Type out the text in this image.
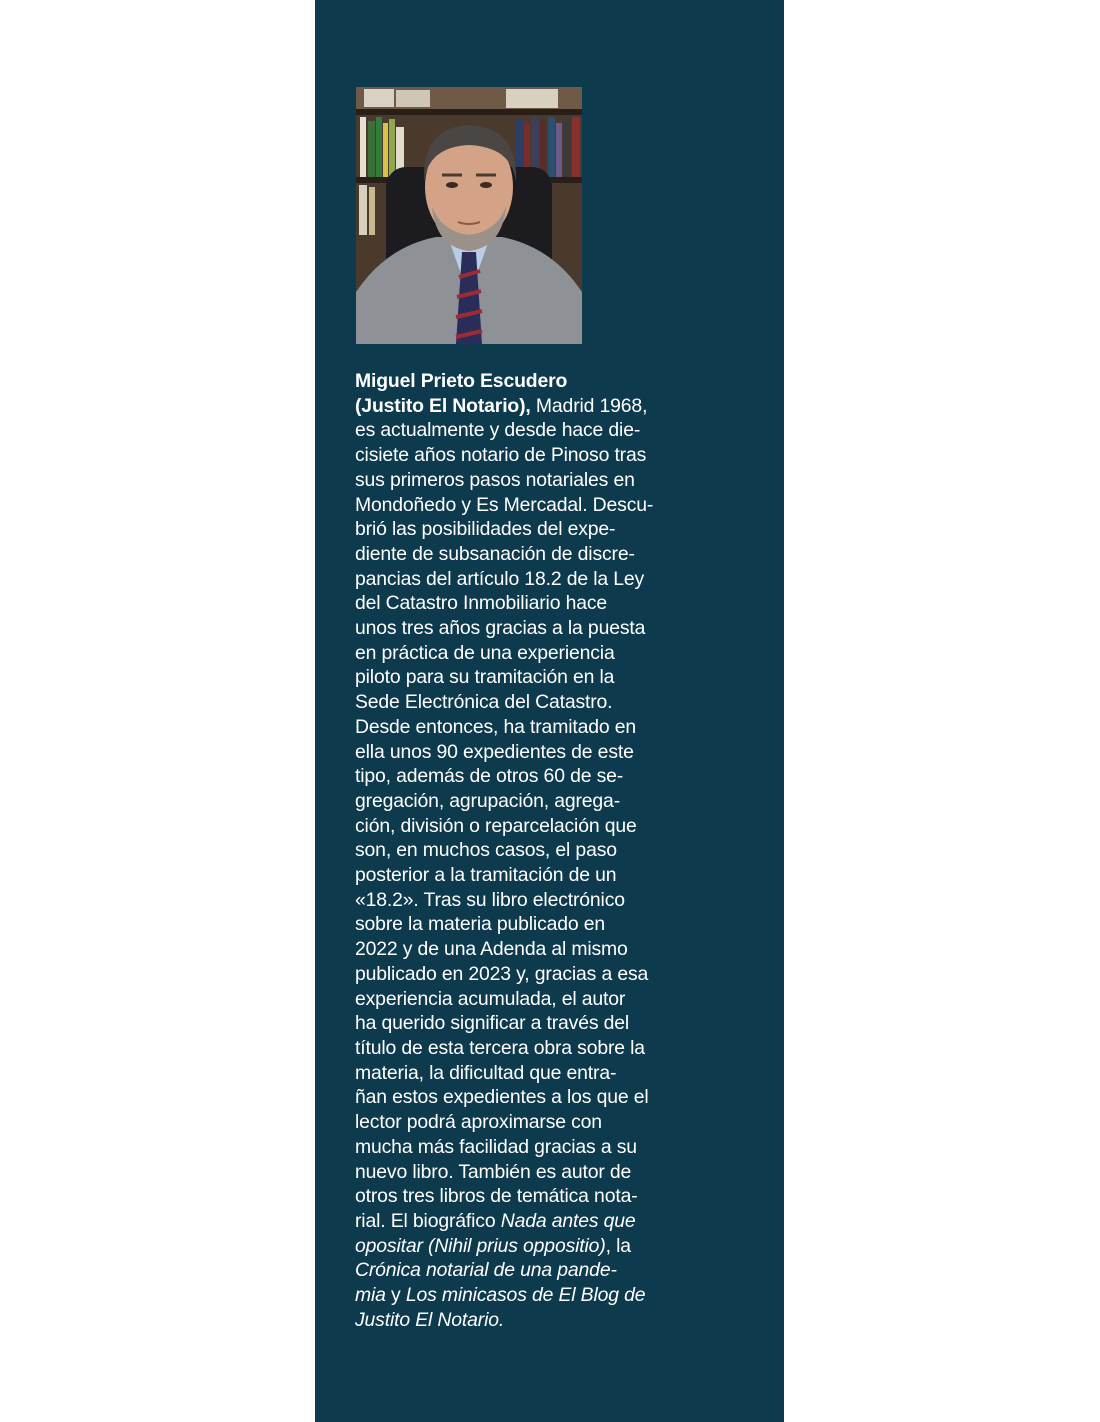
Miguel Prieto Escudero
(Justito El Notario), Madrid 1968,
es actualmente y desde hace die-
cisiete años notario de Pinoso tras
sus primeros pasos notariales en
Mondoñedo y Es Mercadal. Descu-
brió las posibilidades del expe-
diente de subsanación de discre-
pancias del artículo 18.2 de la Ley
del Catastro Inmobiliario hace
unos tres años gracias a la puesta
en práctica de una experiencia
piloto para su tramitación en la
Sede Electrónica del Catastro.
Desde entonces, ha tramitado en
ella unos 90 expedientes de este
tipo, además de otros 60 de se-
gregación, agrupación, agrega-
ción, división o reparcelación que
son, en muchos casos, el paso
posterior a la tramitación de un
«18.2». Tras su libro electrónico
sobre la materia publicado en
2022 y de una Adenda al mismo
publicado en 2023 y, gracias a esa
experiencia acumulada, el autor
ha querido significar a través del
título de esta tercera obra sobre la
materia, la dificultad que entra-
ñan estos expedientes a los que el
lector podrá aproximarse con
mucha más facilidad gracias a su
nuevo libro. También es autor de
otros tres libros de temática nota-
rial. El biográfico Nada antes que
opositar (Nihil prius oppositio), la
Crónica notarial de una pande-
mia y Los minicasos de El Blog de
Justito El Notario.
